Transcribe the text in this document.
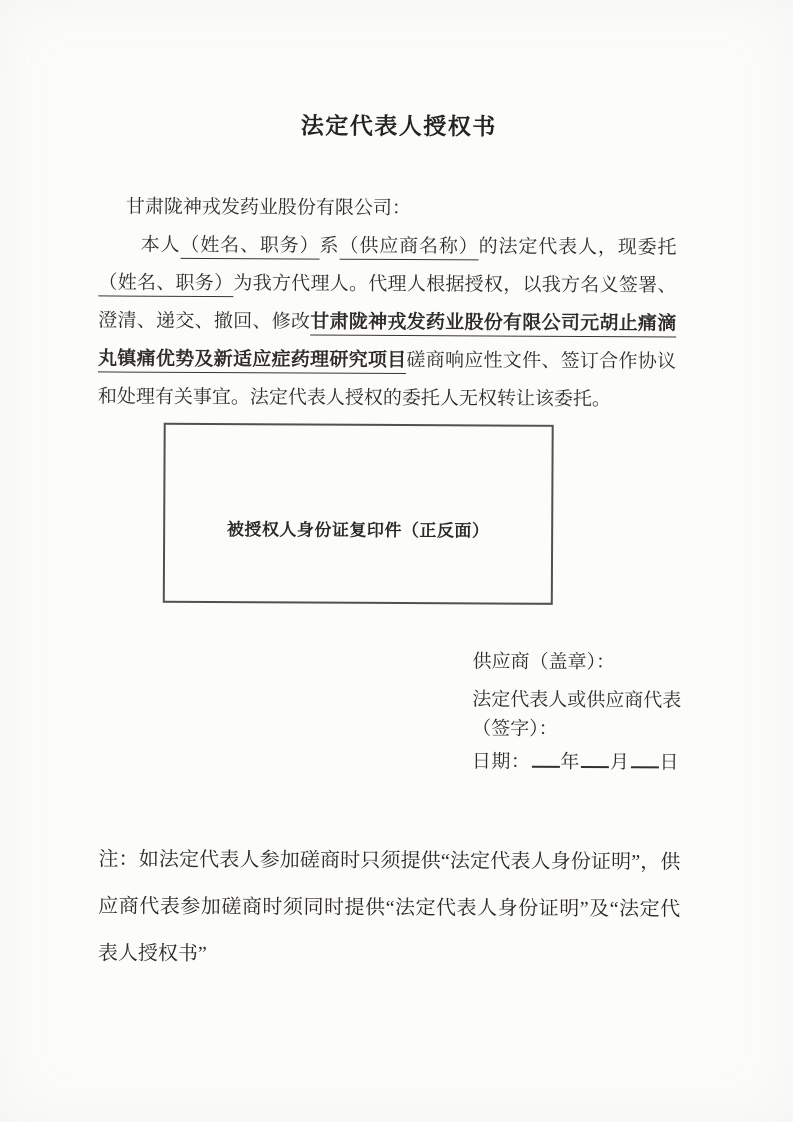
法定代表人授权书
甘肃陇神戎发药业股份有限公司：
本人（姓名、职务）系（供应商名称）的法定代表人，现委托
（姓名、职务）为我方代理人。代理人根据授权，以我方名义签署、
澄清、递交、撤回、修改甘肃陇神戎发药业股份有限公司元胡止痛滴
丸镇痛优势及新适应症药理研究项目磋商响应性文件、签订合作协议
和处理有关事宜。法定代表人授权的委托人无权转让该委托。
被授权人身份证复印件（正反面）
供应商（盖章）：
法定代表人或供应商代表
（签字）：
日期： 年 月 日
注：如法定代表人参加磋商时只须提供“法定代表人身份证明”，供
应商代表参加磋商时须同时提供“法定代表人身份证明”及“法定代
表人授权书”
